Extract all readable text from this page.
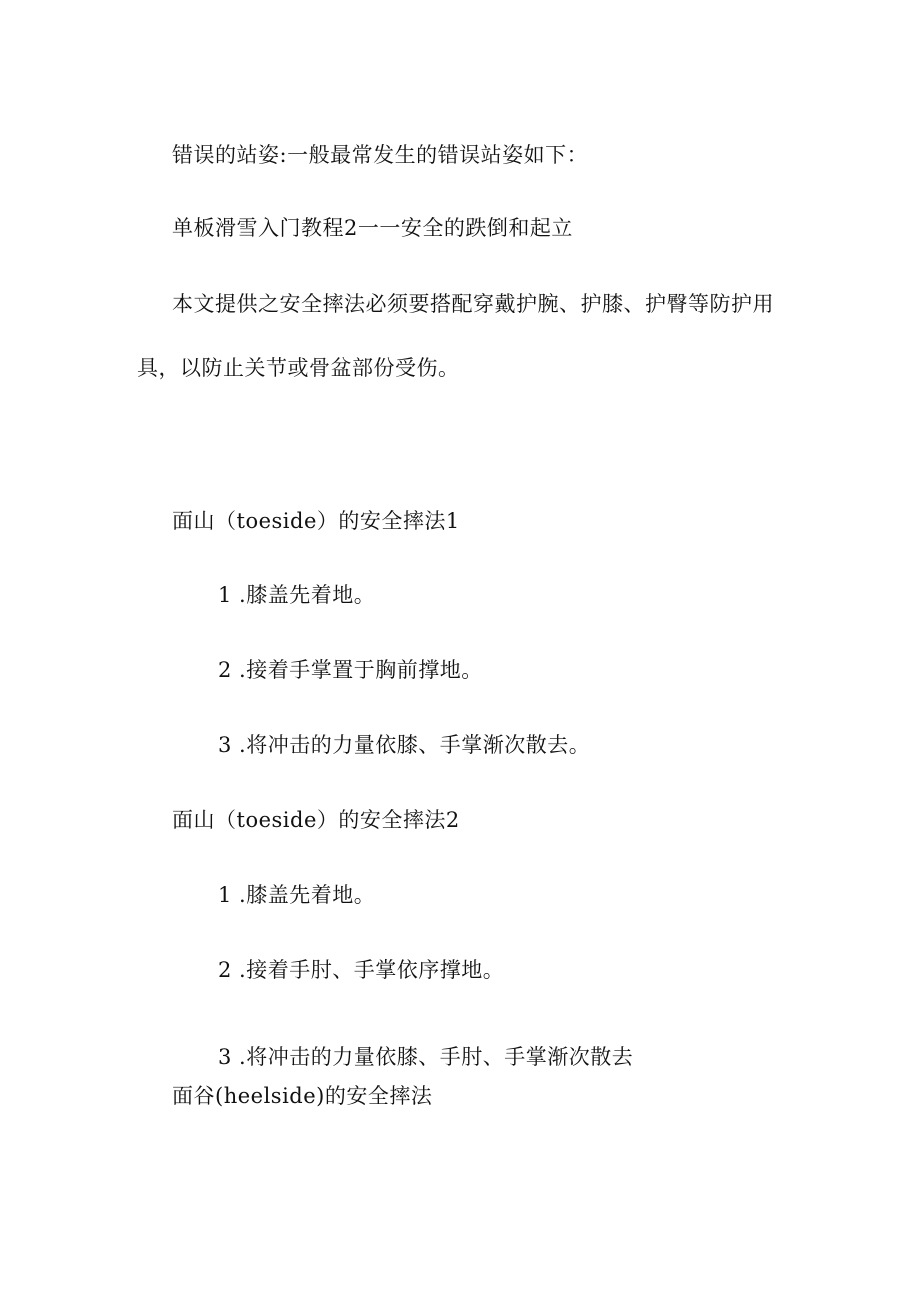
错误的站姿:一般最常发生的错误站姿如下：
单板滑雪入门教程2一一安全的跌倒和起立
本文提供之安全摔法必须要搭配穿戴护腕、护膝、护臀等防护用
具，以防止关节或骨盆部份受伤。
面山（toeside）的安全摔法1
1 .膝盖先着地。
2 .接着手掌置于胸前撑地。
3 .将冲击的力量依膝、手掌渐次散去。
面山（toeside）的安全摔法2
1 .膝盖先着地。
2 .接着手肘、手掌依序撑地。
3 .将冲击的力量依膝、手肘、手掌渐次散去
面谷(heelside)的安全摔法
